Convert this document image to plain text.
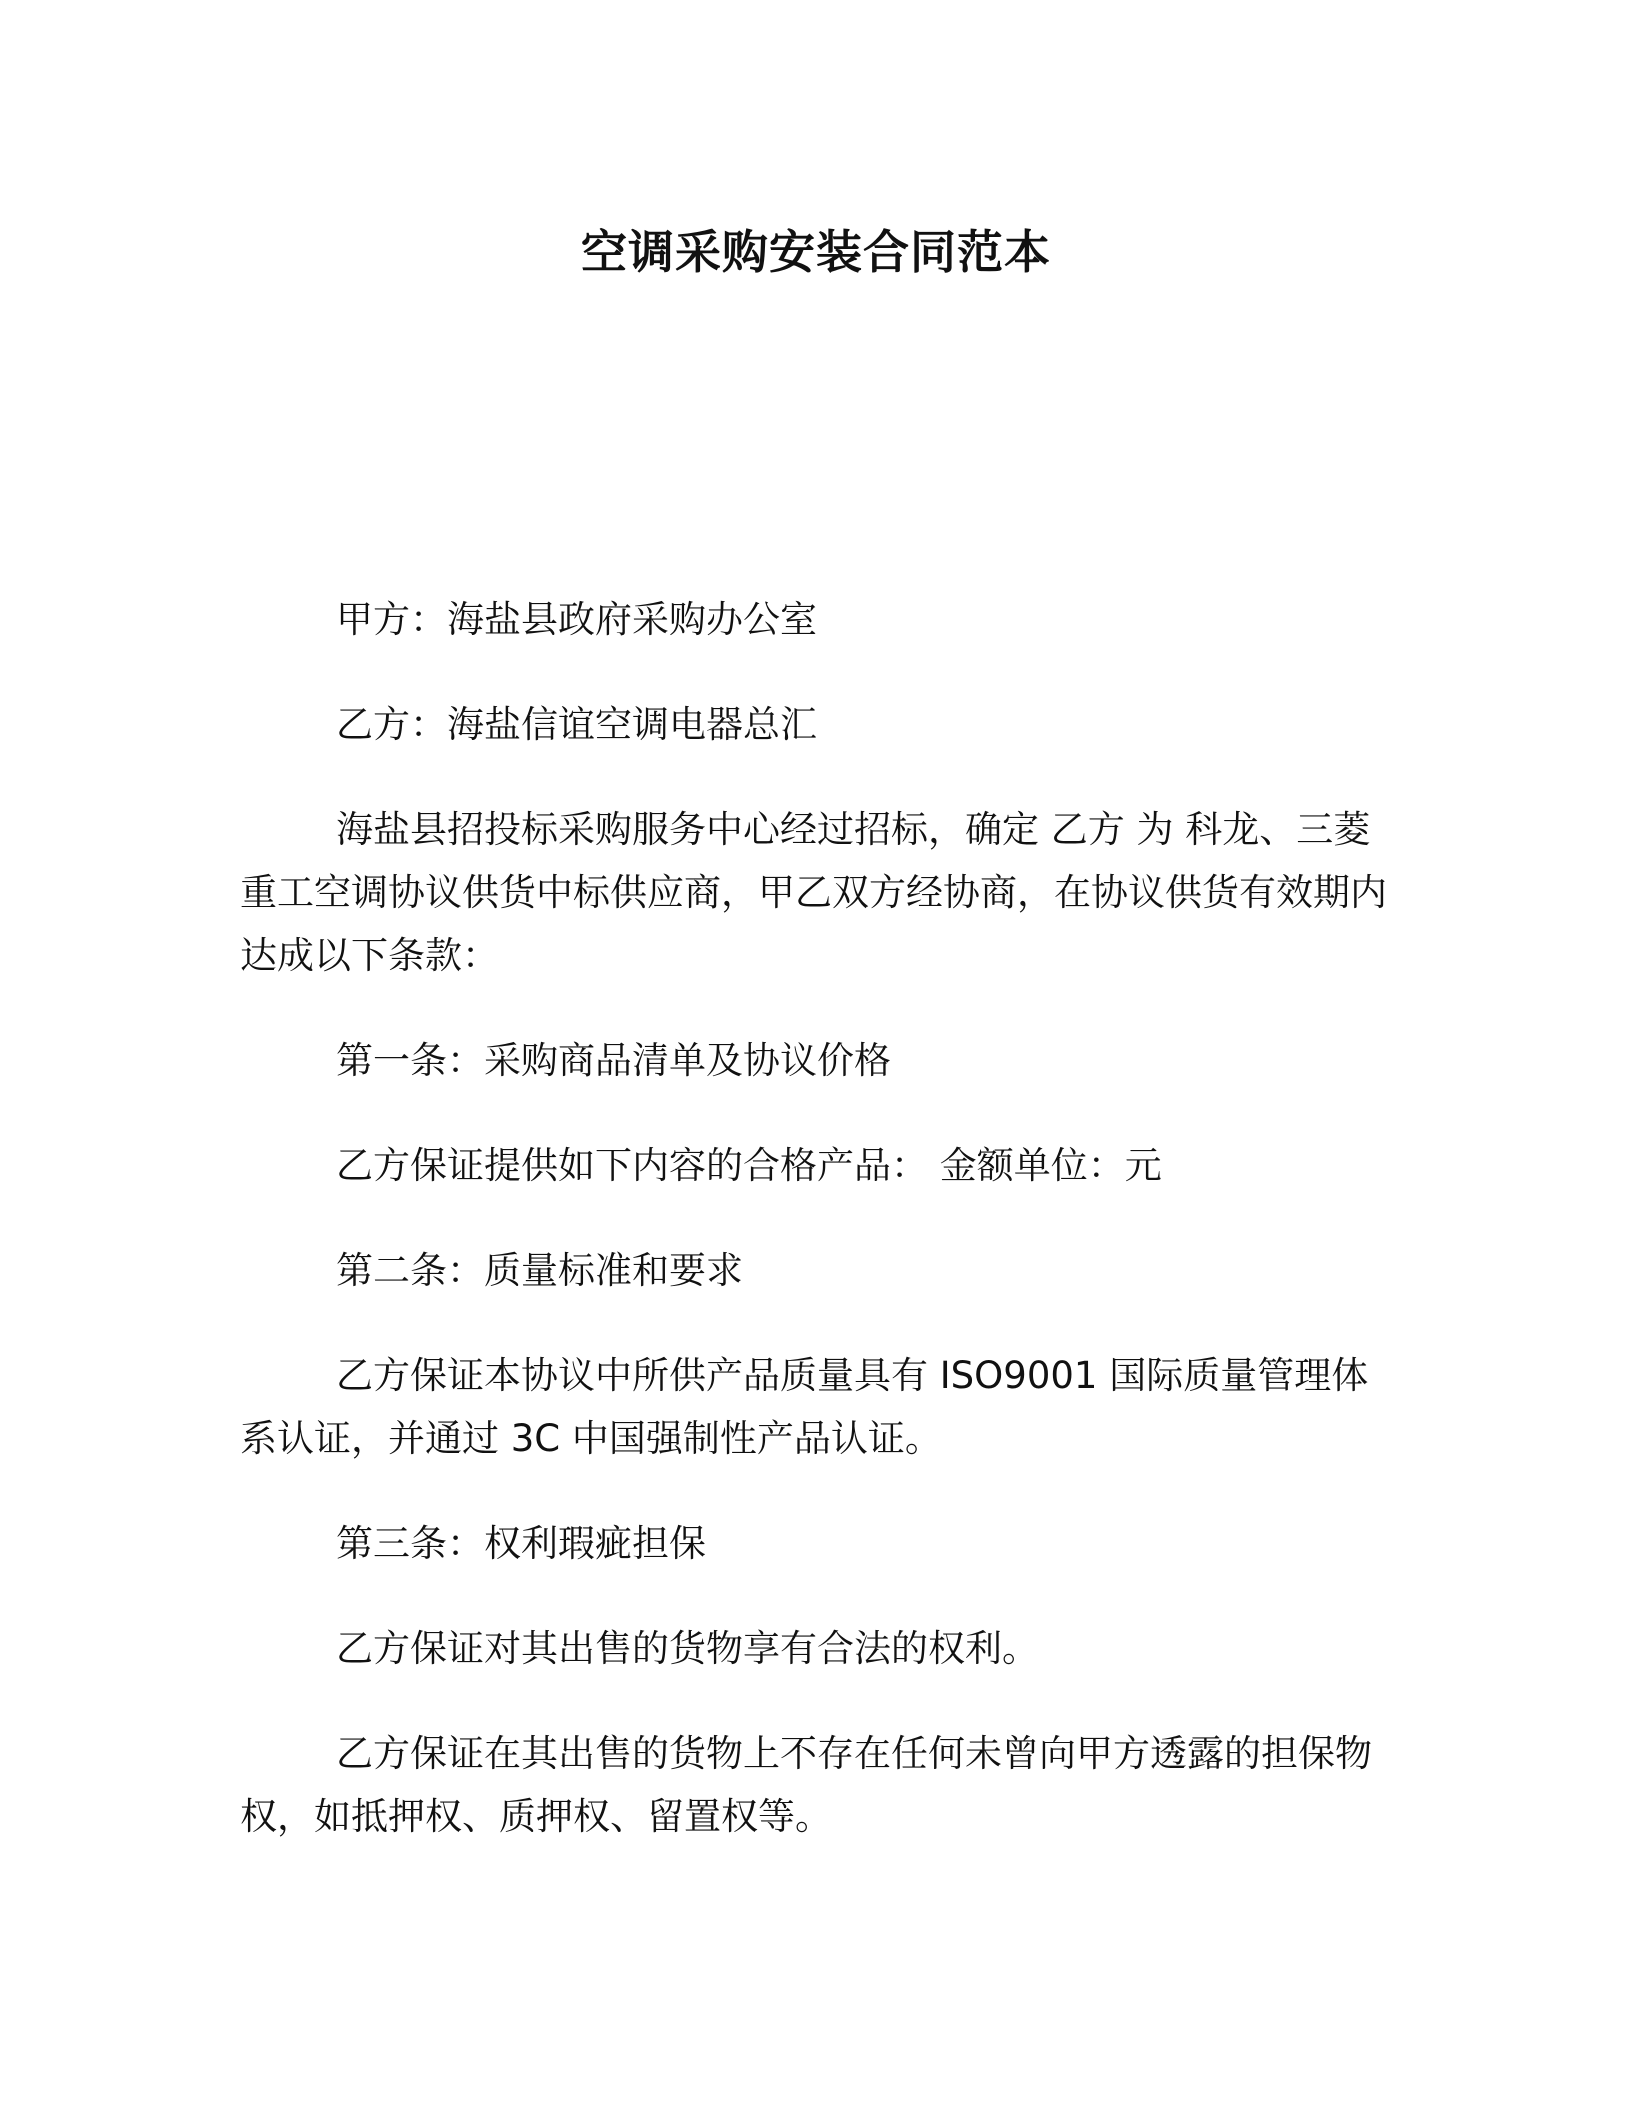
空调采购安装合同范本

甲方：海盐县政府采购办公室

乙方：海盐信谊空调电器总汇

海盐县招投标采购服务中心经过招标，确定 乙方 为 科龙、三菱重工空调协议供货中标供应商，甲乙双方经协商，在协议供货有效期内达成以下条款：

第一条：采购商品清单及协议价格

乙方保证提供如下内容的合格产品： 金额单位：元

第二条：质量标准和要求

乙方保证本协议中所供产品质量具有 ISO9001 国际质量管理体系认证，并通过 3C 中国强制性产品认证。

第三条：权利瑕疵担保

乙方保证对其出售的货物享有合法的权利。

乙方保证在其出售的货物上不存在任何未曾向甲方透露的担保物权，如抵押权、质押权、留置权等。
